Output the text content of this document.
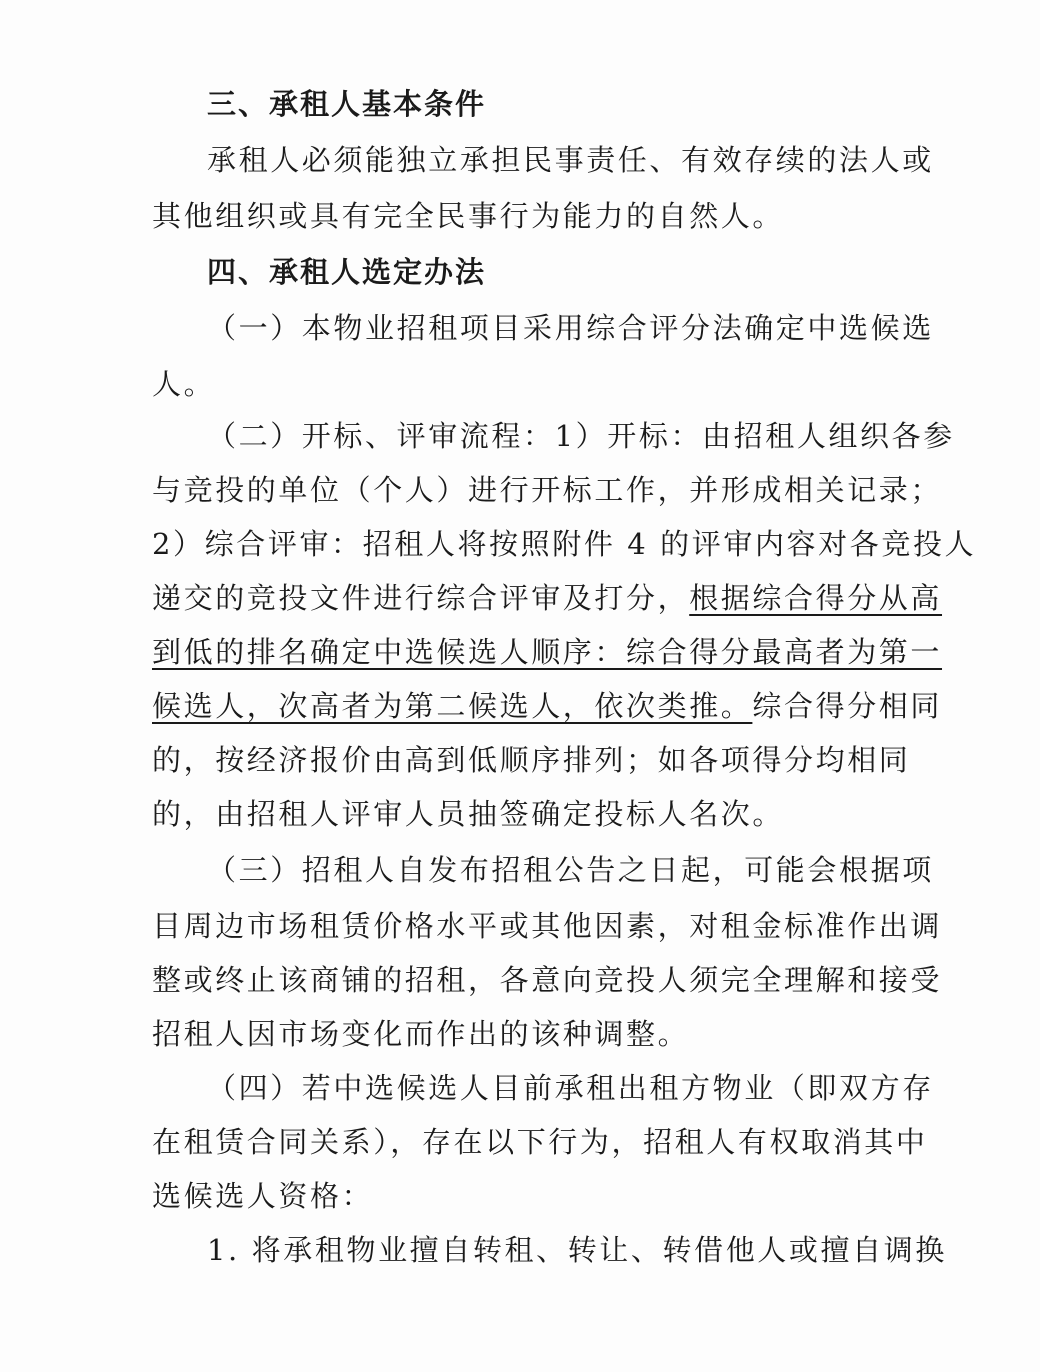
三、承租人基本条件
承租人必须能独立承担民事责任、有效存续的法人或
其他组织或具有完全民事行为能力的自然人。
四、承租人选定办法
（一）本物业招租项目采用综合评分法确定中选候选
人。
（二）开标、评审流程：1）开标：由招租人组织各参
与竞投的单位（个人）进行开标工作，并形成相关记录；
2）综合评审：招租人将按照附件 4 的评审内容对各竞投人
递交的竞投文件进行综合评审及打分，根据综合得分从高
到低的排名确定中选候选人顺序：综合得分最高者为第一
候选人，次高者为第二候选人，依次类推。综合得分相同
的，按经济报价由高到低顺序排列；如各项得分均相同
的，由招租人评审人员抽签确定投标人名次。
（三）招租人自发布招租公告之日起，可能会根据项
目周边市场租赁价格水平或其他因素，对租金标准作出调
整或终止该商铺的招租，各意向竞投人须完全理解和接受
招租人因市场变化而作出的该种调整。
（四）若中选候选人目前承租出租方物业（即双方存
在租赁合同关系），存在以下行为，招租人有权取消其中
选候选人资格：
1. 将承租物业擅自转租、转让、转借他人或擅自调换
